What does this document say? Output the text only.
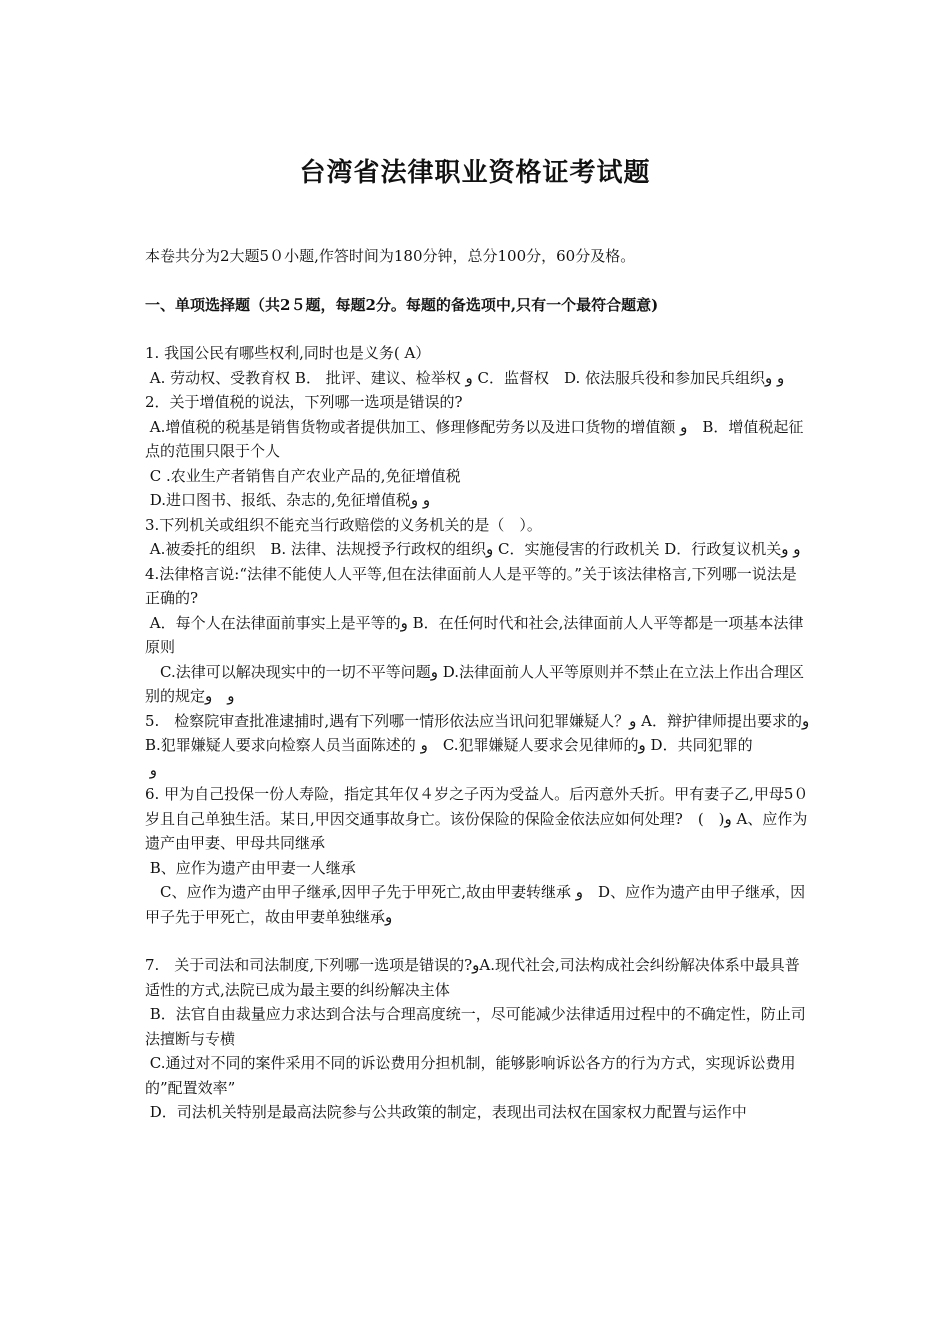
台湾省法律职业资格证考试题

本卷共分为2大题5０小题,作答时间为180分钟，总分100分，60分及格。

一、单项选择题（共2５题，每题2分。每题的备选项中,只有一个最符合题意)

1. 我国公民有哪些权利,同时也是义务( A）

A. 劳动权、受教育权 B． 批评、建议、检举权 ﻭ C．监督权　D. 依法服兵役和参加民兵组织ﻭ ﻭ

2．关于增值税的说法，下列哪一选项是错误的?

A.增值税的税基是销售货物或者提供加工、修理修配劳务以及进口货物的增值额 ﻭ　B．增值税起征点的范围只限于个人

C .农业生产者销售自产农业产品的,免征增值税

D.进口图书、报纸、杂志的,免征增值税ﻭ ﻭ

3.下列机关或组织不能充当行政赔偿的义务机关的是（　）。

A.被委托的组织　B. 法律、法规授予行政权的组织ﻭ C．实施侵害的行政机关 D．行政复议机关ﻭ ﻭ

4.法律格言说:“法律不能使人人平等,但在法律面前人人是平等的。”关于该法律格言,下列哪一说法是正确的?

A．每个人在法律面前事实上是平等的ﻭ B．在任何时代和社会,法律面前人人平等都是一项基本法律原则

　C.法律可以解决现实中的一切不平等问题ﻭ D.法律面前人人平等原则并不禁止在立法上作出合理区别的规定ﻭ　ﻭ

5.　检察院审查批准逮捕时,遇有下列哪一情形依法应当讯问犯罪嫌疑人？ﻭ A．辩护律师提出要求的ﻭ B.犯罪嫌疑人要求向检察人员当面陈述的 ﻭ　C.犯罪嫌疑人要求会见律师的ﻭ D．共同犯罪的

ﻭ

6. 甲为自己投保一份人寿险，指定其年仅４岁之子丙为受益人。后丙意外夭折。甲有妻子乙,甲母5０岁且自己单独生活。某日,甲因交通事故身亡。该份保险的保险金依法应如何处理?　(　)ﻭ A、应作为遗产由甲妻、甲母共同继承

B、应作为遗产由甲妻一人继承

　C、应作为遗产由甲子继承,因甲子先于甲死亡,故由甲妻转继承 ﻭ　D、应作为遗产由甲子继承，因甲子先于甲死亡，故由甲妻单独继承ﻭ

7.　关于司法和司法制度,下列哪一选项是错误的?ﻭA.现代社会,司法构成社会纠纷解决体系中最具普适性的方式,法院已成为最主要的纠纷解决主体

B．法官自由裁量应力求达到合法与合理高度统一，尽可能减少法律适用过程中的不确定性，防止司法擅断与专横

C.通过对不同的案件采用不同的诉讼费用分担机制，能够影响诉讼各方的行为方式，实现诉讼费用的”配置效率”

D．司法机关特别是最高法院参与公共政策的制定，表现出司法权在国家权力配置与运作中
